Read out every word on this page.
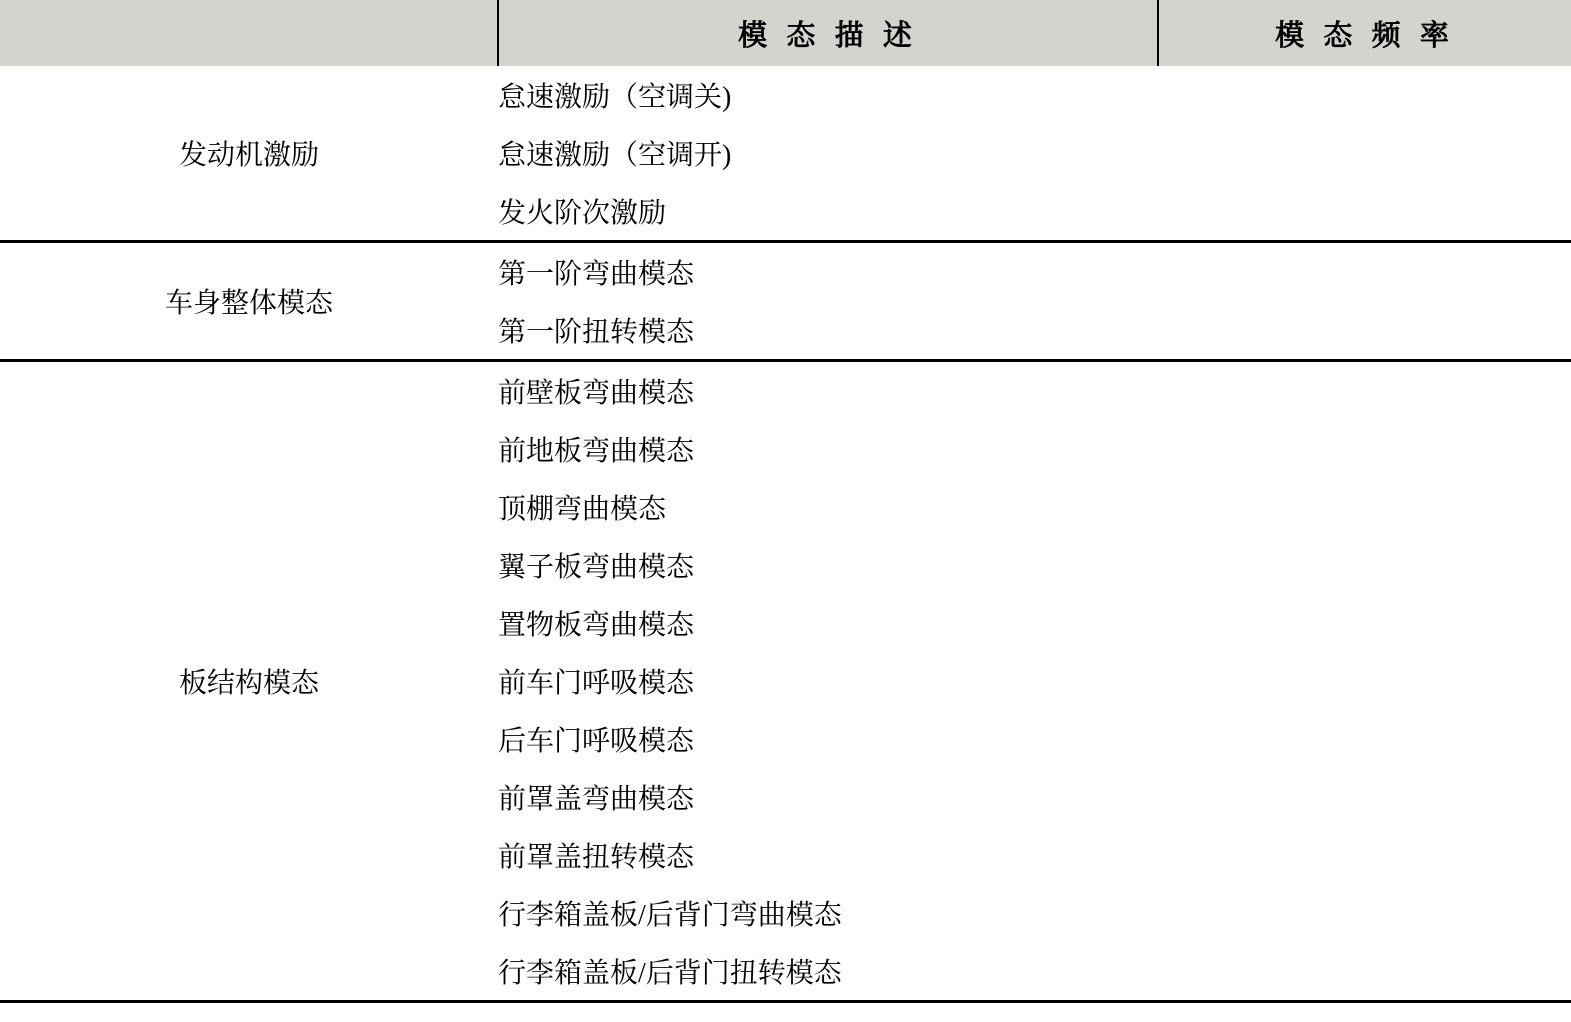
	模 态 描 述	模 态 频 率
发动机激励	怠速激励（空调关)	
	怠速激励（空调开)	
	发火阶次激励	
车身整体模态	第一阶弯曲模态	
	第一阶扭转模态	
板结构模态	前壁板弯曲模态	
	前地板弯曲模态	
	顶棚弯曲模态	
	翼子板弯曲模态	
	置物板弯曲模态	
	前车门呼吸模态	
	后车门呼吸模态	
	前罩盖弯曲模态	
	前罩盖扭转模态	
	行李箱盖板/后背门弯曲模态	
	行李箱盖板/后背门扭转模态	
